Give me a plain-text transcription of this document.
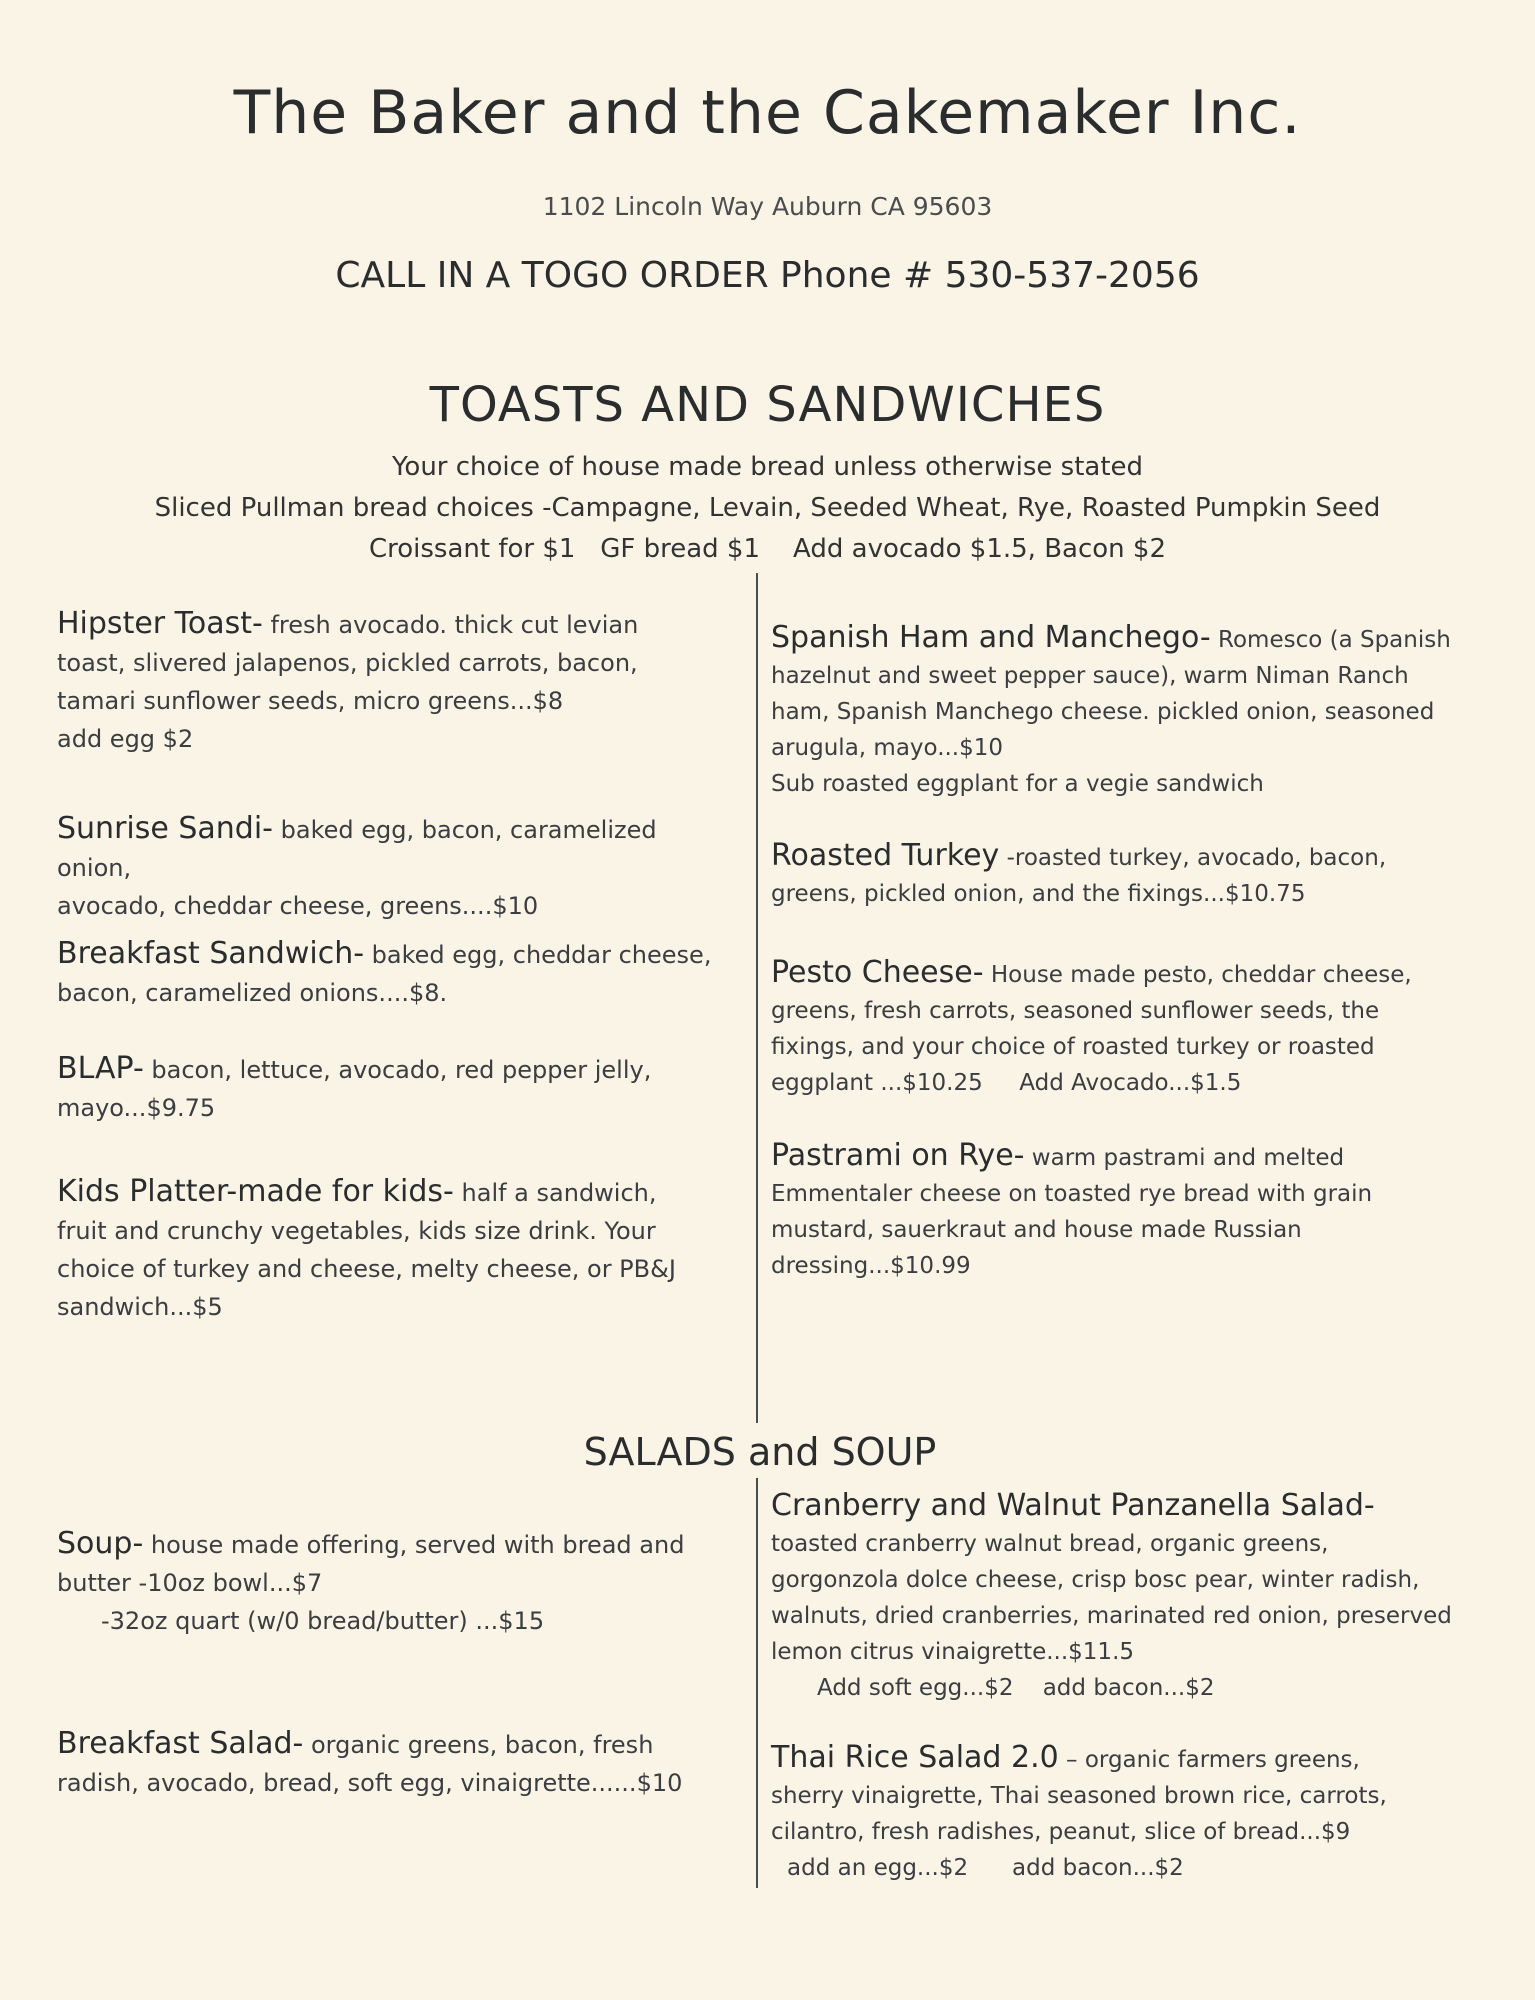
The Baker and the Cakemaker Inc.
1102 Lincoln Way Auburn CA 95603
CALL IN A TOGO ORDER Phone # 530-537-2056
TOASTS AND SANDWICHES
Your choice of house made bread unless otherwise stated
Sliced Pullman bread choices -Campagne, Levain, Seeded Wheat, Rye, Roasted Pumpkin Seed
Croissant for $1   GF bread $1    Add avocado $1.5, Bacon $2
Hipster Toast- fresh avocado. thick cut levian
toast, slivered jalapenos, pickled carrots, bacon,
tamari sunflower seeds, micro greens...$8
add egg $2
Sunrise Sandi- baked egg, bacon, caramelized onion,
avocado, cheddar cheese, greens....$10
Breakfast Sandwich- baked egg, cheddar cheese,
bacon, caramelized onions....$8.
BLAP- bacon, lettuce, avocado, red pepper jelly,
mayo...$9.75
Kids Platter-made for kids- half a sandwich,
fruit and crunchy vegetables, kids size drink. Your
choice of turkey and cheese, melty cheese, or PB&J
sandwich...$5
Spanish Ham and Manchego- Romesco (a Spanish
hazelnut and sweet pepper sauce), warm Niman Ranch
ham, Spanish Manchego cheese. pickled onion, seasoned
arugula, mayo...$10
Sub roasted eggplant for a vegie sandwich
Roasted Turkey -roasted turkey, avocado, bacon,
greens, pickled onion, and the fixings...$10.75
Pesto Cheese- House made pesto, cheddar cheese,
greens, fresh carrots, seasoned sunflower seeds, the
fixings, and your choice of roasted turkey or roasted
eggplant ...$10.25     Add Avocado...$1.5
Pastrami on Rye- warm pastrami and melted
Emmentaler cheese on toasted rye bread with grain
mustard, sauerkraut and house made Russian
dressing...$10.99
SALADS and SOUP
Soup- house made offering, served with bread and
butter -10oz bowl...$7
-32oz quart (w/0 bread/butter) ...$15
Breakfast Salad- organic greens, bacon, fresh
radish, avocado, bread, soft egg, vinaigrette......$10
Cranberry and Walnut Panzanella Salad-
toasted cranberry walnut bread, organic greens,
gorgonzola dolce cheese, crisp bosc pear, winter radish,
walnuts, dried cranberries, marinated red onion, preserved
lemon citrus vinaigrette...$11.5
Add soft egg...$2    add bacon...$2
Thai Rice Salad 2.0 – organic farmers greens,
sherry vinaigrette, Thai seasoned brown rice, carrots,
cilantro, fresh radishes, peanut, slice of bread...$9
add an egg...$2      add bacon...$2
